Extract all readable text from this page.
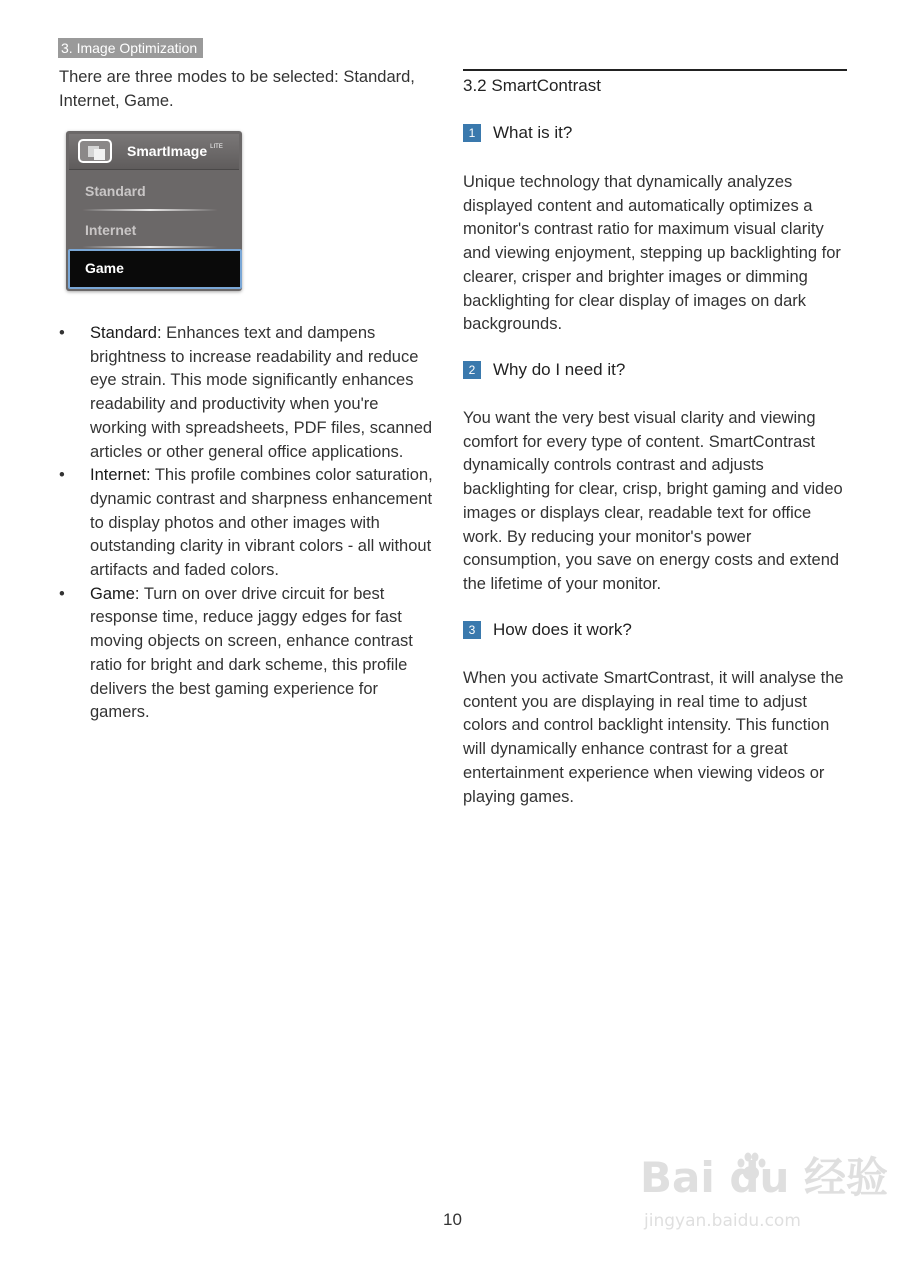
3. Image Optimization

There are three modes to be selected: Standard, Internet, Game.

SmartImage $^{LITE}$
Standard
Internet
Game
• Standard: Enhances text and dampens brightness to increase readability and reduce eye strain. This mode significantly enhances readability and productivity when you're working with spreadsheets, PDF files, scanned articles or other general office applications.
• Internet: This profile combines color saturation, dynamic contrast and sharpness enhancement to display photos and other images with outstanding clarity in vibrant colors - all without artifacts and faded colors.
• Game: Turn on over drive circuit for best response time, reduce jaggy edges for fast moving objects on screen, enhance contrast ratio for bright and dark scheme, this profile delivers the best gaming experience for gamers.
3.2 SmartContrast
1 What is it?

Unique technology that dynamically analyzes displayed content and automatically optimizes a monitor's contrast ratio for maximum visual clarity and viewing enjoyment, stepping up backlighting for clearer, crisper and brighter images or dimming backlighting for clear display of images on dark backgrounds.

2 Why do I need it?

You want the very best visual clarity and viewing comfort for every type of content. SmartContrast dynamically controls contrast and adjusts backlighting for clear, crisp, bright gaming and video images or displays clear, readable text for office work. By reducing your monitor's power consumption, you save on energy costs and extend the lifetime of your monitor.

3 How does it work?

When you activate SmartContrast, it will analyse the content you are displaying in real time to adjust colors and control backlight intensity. This function will dynamically enhance contrast for a great entertainment experience when viewing videos or playing games.

10
Bai du 经验
jingyan.baidu.com
